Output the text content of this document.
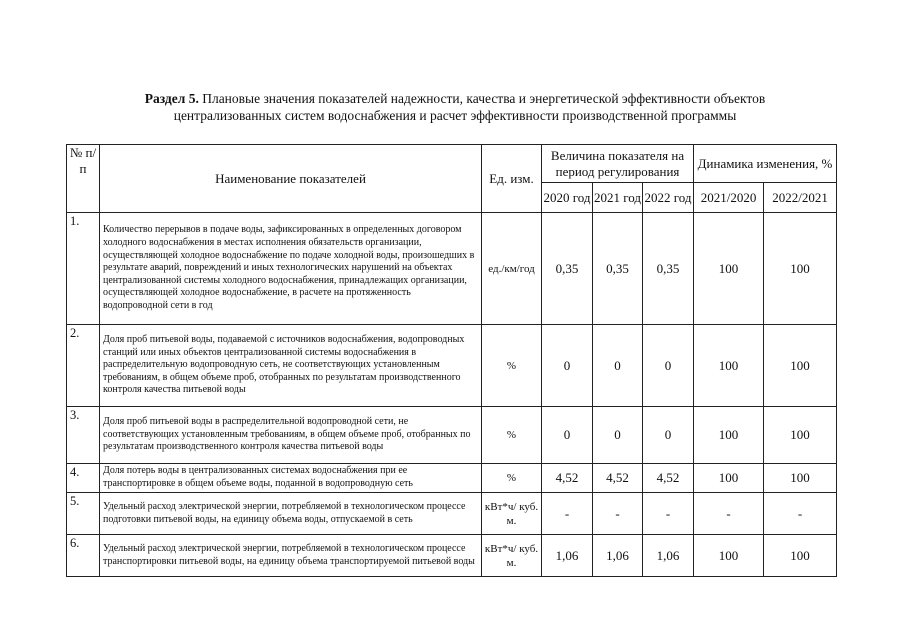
Раздел 5. Плановые значения показателей надежности, качества и энергетической эффективности объектов централизованных систем водоснабжения и расчет эффективности производственной программы
№ п/п	Наименование показателей	Ед. изм.	Величина показателя на период регулирования			Динамика изменения, %	
			2020 год	2021 год	2022 год	2021/2020	2022/2021
1.	Количество перерывов в подаче воды, зафиксированных в определенных договором холодного водоснабжения в местах исполнения обязательств организации, осуществляющей холодное водоснабжение по подаче холодной воды, произошедших в результате аварий, повреждений и иных технологических нарушений на объектах централизованной системы холодного водоснабжения, принадлежащих организации, осуществляющей холодное водоснабжение, в расчете на протяженность водопроводной сети в год	ед./км/год	0,35	0,35	0,35	100	100
2.	Доля проб питьевой воды, подаваемой с источников водоснабжения, водопроводных станций или иных объектов централизованной системы водоснабжения в распределительную водопроводную сеть, не соответствующих установленным требованиям, в общем объеме проб, отобранных по результатам производственного контроля качества питьевой воды	%	0	0	0	100	100
3.	Доля проб питьевой воды в распределительной водопроводной сети, не соответствующих установленным требованиям, в общем объеме проб, отобранных по результатам производственного контроля качества питьевой воды	%	0	0	0	100	100
4.	Доля потерь воды в централизованных системах водоснабжения при ее транспортировке в общем объеме воды, поданной в водопроводную сеть	%	4,52	4,52	4,52	100	100
5.	Удельный расход электрической энергии, потребляемой в технологическом процессе подготовки питьевой воды, на единицу объема воды, отпускаемой в сеть	кВт*ч/ куб. м.	-	-	-	-	-
6.	Удельный расход электрической энергии, потребляемой в технологическом процессе транспортировки питьевой воды, на единицу объема транспортируемой питьевой воды	кВт*ч/ куб. м.	1,06	1,06	1,06	100	100
